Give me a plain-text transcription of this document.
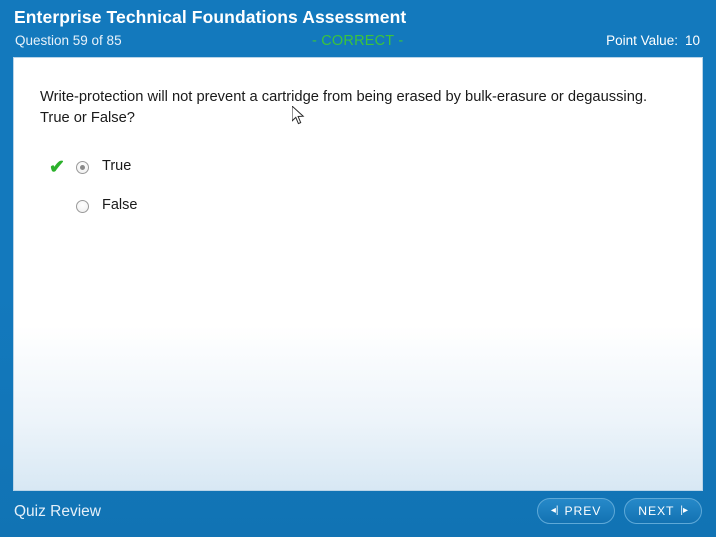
Enterprise Technical Foundations Assessment
Question 59 of 85	- CORRECT -	Point Value: 10
Write-protection will not prevent a cartridge from being erased by bulk-erasure or degaussing. True or False?
✔	True
False
Quiz Review	◂| PREV	NEXT |▸
